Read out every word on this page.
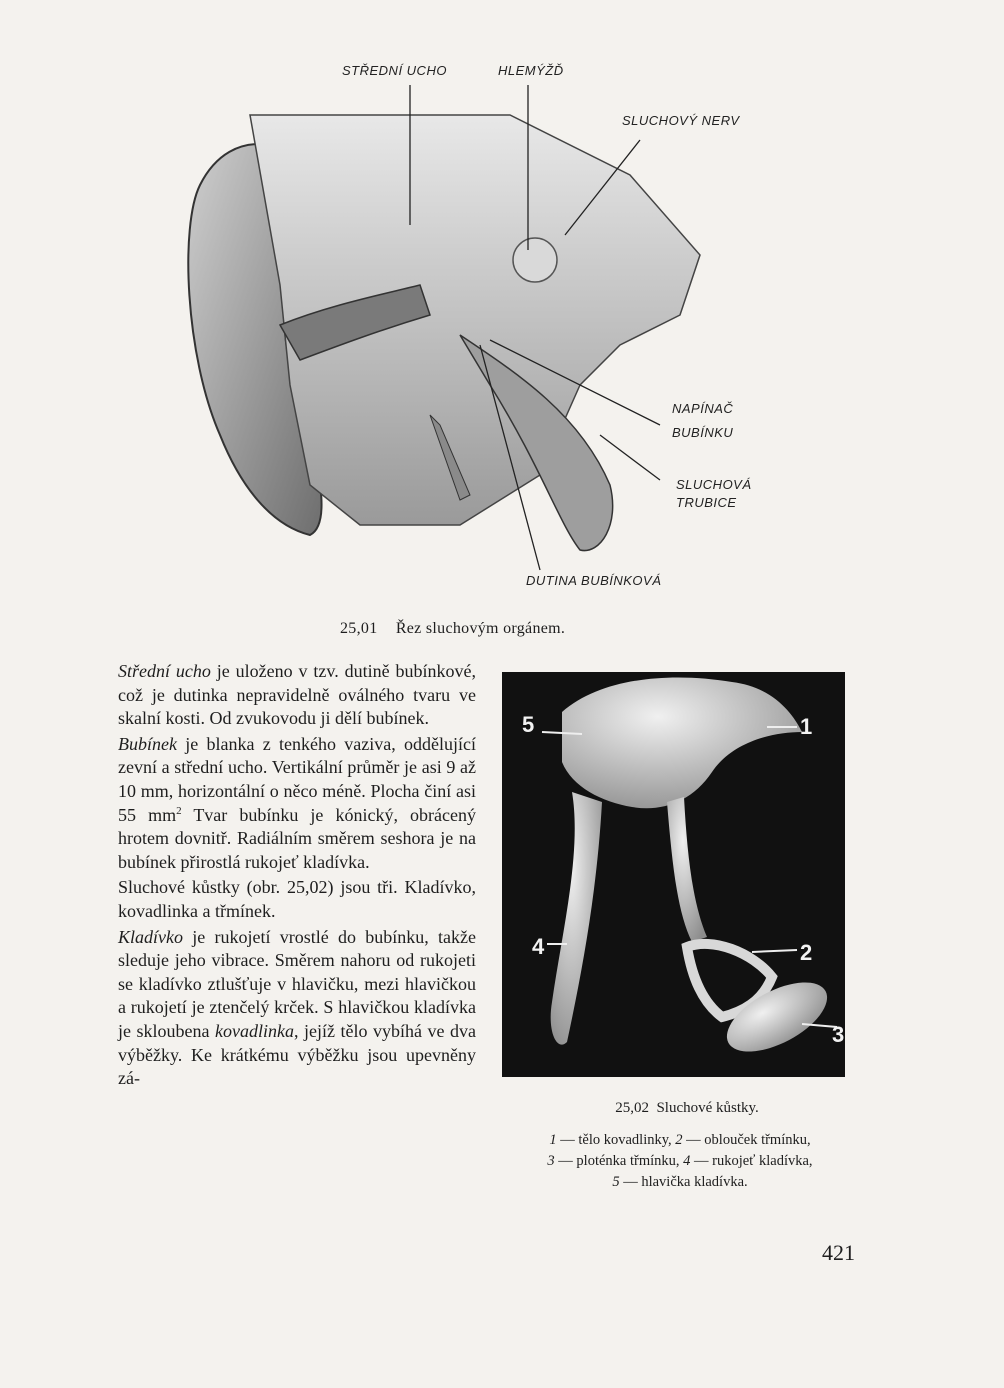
STŘEDNÍ UCHO	HLEMÝŽĎ
SLUCHOVÝ NERV
NAPÍNAČ
BUBÍNKU
SLUCHOVÁ
TRUBICE
DUTINA BUBÍNKOVÁ
25,01 Řez sluchovým orgánem.

Střední ucho je uloženo v tzv. dutině bubínkové, což je dutinka nepravidelně oválného tvaru ve skalní kosti. Od zvukovodu ji dělí bubínek.

Bubínek je blanka z tenkého vaziva, oddělující zevní a střední ucho. Vertikální průměr je asi 9 až 10 mm, horizontální o něco méně. Plocha činí asi 55 $mm^2$ Tvar bubínku je kónický, obrácený hrotem dovnitř. Radiálním směrem seshora je na bubínek přirostlá rukojeť kladívka.

Sluchové kůstky (obr. 25,02) jsou tři. Kladívko, kovadlinka a třmínek.

Kladívko je rukojetí vrostlé do bubínku, takže sleduje jeho vibrace. Směrem nahoru od rukojeti se kladívko ztlušťuje v hlavičku, mezi hlavičkou a rukojetí je ztenčelý krček. S hlavičkou kladívka je skloubena kovadlinka, jejíž tělo vybíhá ve dva výběžky. Ke krátkému výběžku jsou upevněny zá-

5	1
2
3
4
25,02 Sluchové kůstky.
1 — tělo kovadlinky, 2 — oblouček třmínku,
3 — ploténka třmínku, 4 — rukojeť kladívka,
5 — hlavička kladívka.
421
